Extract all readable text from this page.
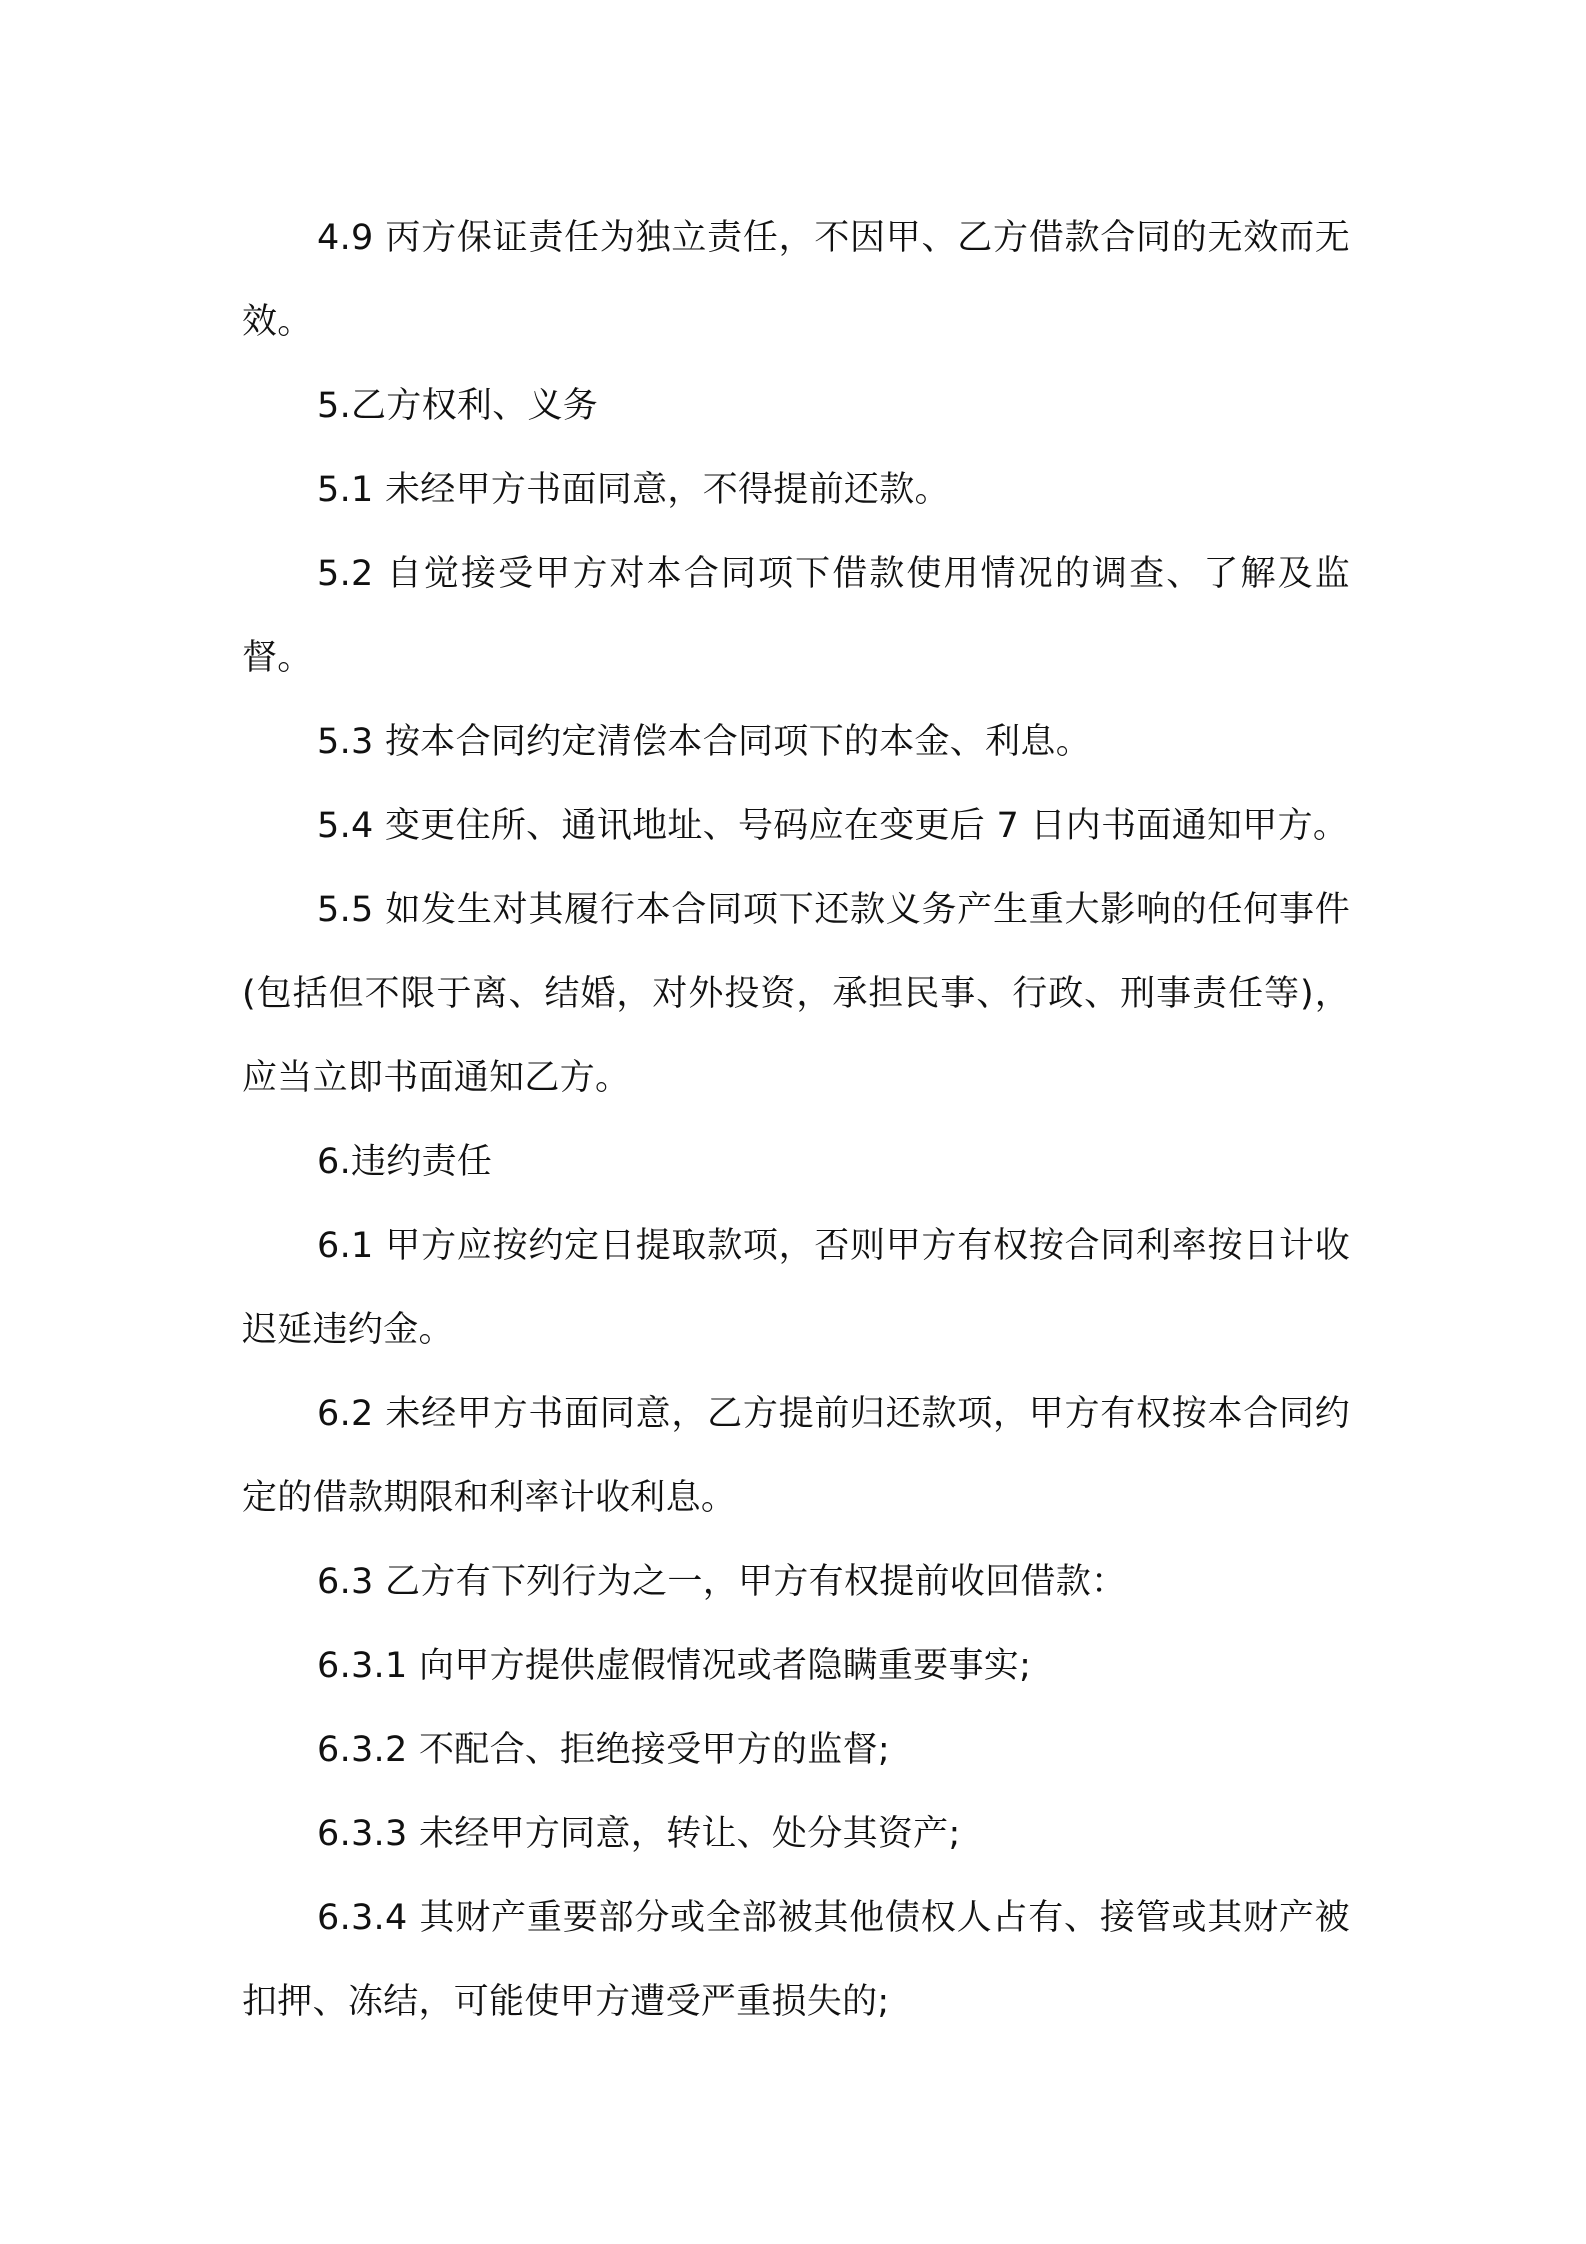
4.9 丙方保证责任为独立责任，不因甲、乙方借款合同的无效而无效。

5.乙方权利、义务

5.1 未经甲方书面同意，不得提前还款。

5.2 自觉接受甲方对本合同项下借款使用情况的调查、了解及监督。

5.3 按本合同约定清偿本合同项下的本金、利息。

5.4 变更住所、通讯地址、号码应在变更后 7 日内书面通知甲方。

5.5 如发生对其履行本合同项下还款义务产生重大影响的任何事件(包括但不限于离、结婚，对外投资，承担民事、行政、刑事责任等)，应当立即书面通知乙方。

6.违约责任

6.1 甲方应按约定日提取款项，否则甲方有权按合同利率按日计收迟延违约金。

6.2 未经甲方书面同意，乙方提前归还款项，甲方有权按本合同约定的借款期限和利率计收利息。

6.3 乙方有下列行为之一，甲方有权提前收回借款：

6.3.1 向甲方提供虚假情况或者隐瞒重要事实;

6.3.2 不配合、拒绝接受甲方的监督;

6.3.3 未经甲方同意，转让、处分其资产;

6.3.4 其财产重要部分或全部被其他债权人占有、接管或其财产被扣押、冻结，可能使甲方遭受严重损失的;
